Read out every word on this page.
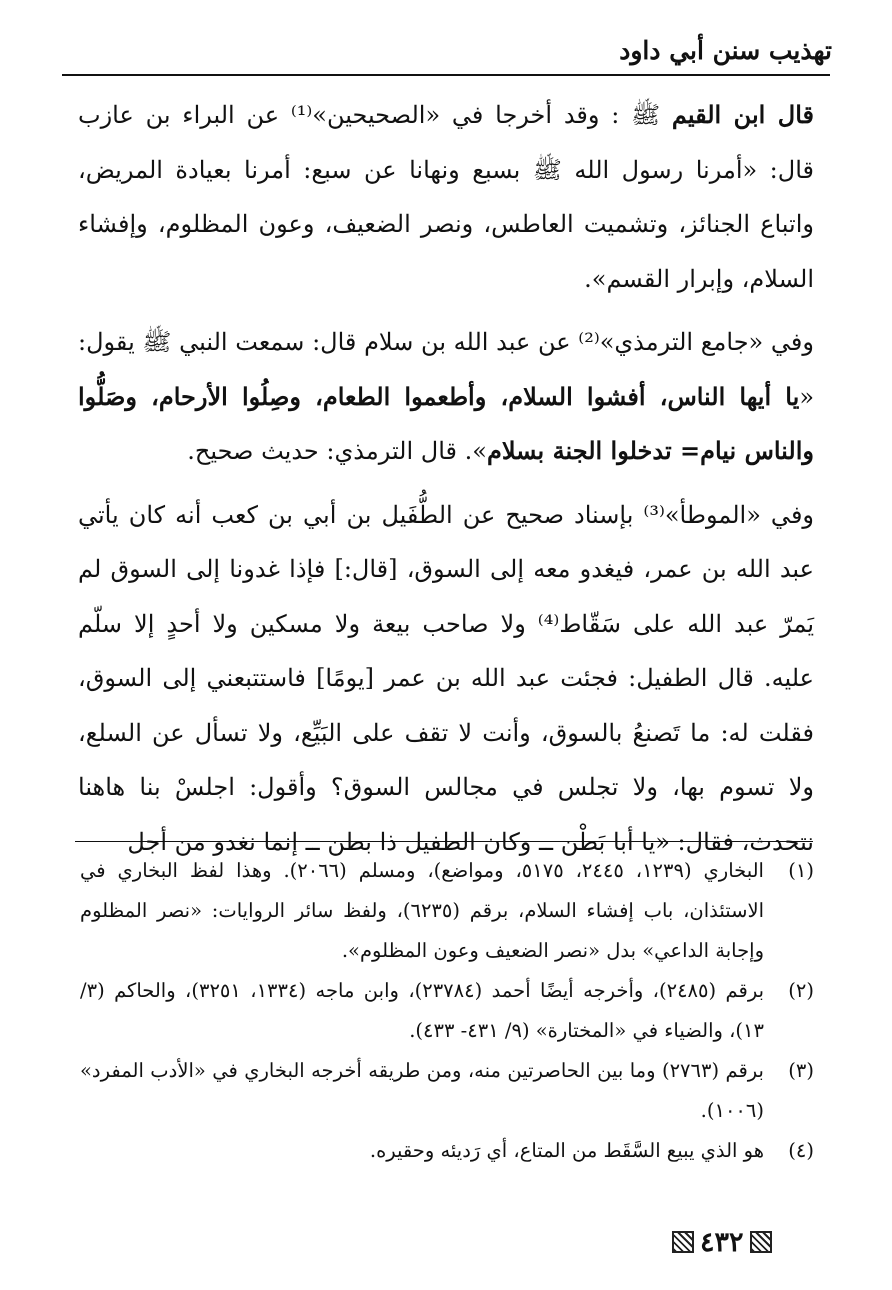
تهذيب سنن أبي داود

قال ابن القيم ﷺ : وقد أخرجا في «الصحيحين»⁽¹⁾ عن البراء بن عازب قال: «أمرنا رسول الله ﷺ بسبع ونهانا عن سبع: أمرنا بعيادة المريض، واتباع الجنائز، وتشميت العاطس، ونصر الضعيف، وعون المظلوم، وإفشاء السلام، وإبرار القسم».

وفي «جامع الترمذي»⁽²⁾ عن عبد الله بن سلام قال: سمعت النبي ﷺ يقول: «يا أيها الناس، أفشوا السلام، وأطعموا الطعام، وصِلُوا الأرحام، وصَلُّوا والناس نيام= تدخلوا الجنة بسلام». قال الترمذي: حديث صحيح.

وفي «الموطأ»⁽³⁾ بإسناد صحيح عن الطُّفَيل بن أبي بن كعب أنه كان يأتي عبد الله بن عمر، فيغدو معه إلى السوق، [قال:] فإذا غدونا إلى السوق لم يَمرّ عبد الله على سَقّاط⁽⁴⁾ ولا صاحب بيعة ولا مسكين ولا أحدٍ إلا سلّم عليه. قال الطفيل: فجئت عبد الله بن عمر [يومًا] فاستتبعني إلى السوق، فقلت له: ما تَصنعُ بالسوق، وأنت لا تقف على البَيِّع، ولا تسأل عن السلع، ولا تسوم بها، ولا تجلس في مجالس السوق؟ وأقول: اجلسْ بنا هاهنا نتحدث، فقال: «يا أبا بَطْن ــ وكان الطفيل ذا بطن ــ إنما نغدو من أجل

(١)
البخاري (١٢٣٩، ٢٤٤٥، ٥١٧٥، ومواضع)، ومسلم (٢٠٦٦). وهذا لفظ البخاري في الاستئذان، باب إفشاء السلام، برقم (٦٢٣٥)، ولفظ سائر الروايات: «نصر المظلوم وإجابة الداعي» بدل «نصر الضعيف وعون المظلوم».
(٢)
برقم (٢٤٨٥)، وأخرجه أيضًا أحمد (٢٣٧٨٤)، وابن ماجه (١٣٣٤، ٣٢٥١)، والحاكم (٣/ ١٣)، والضياء في «المختارة» (٩/ ٤٣١- ٤٣٣).
(٣)
برقم (٢٧٦٣) وما بين الحاصرتين منه، ومن طريقه أخرجه البخاري في «الأدب المفرد» (١٠٠٦).
(٤)
هو الذي يبيع السَّقَط من المتاع، أي رَديئه وحقيره.
٤٣٢
